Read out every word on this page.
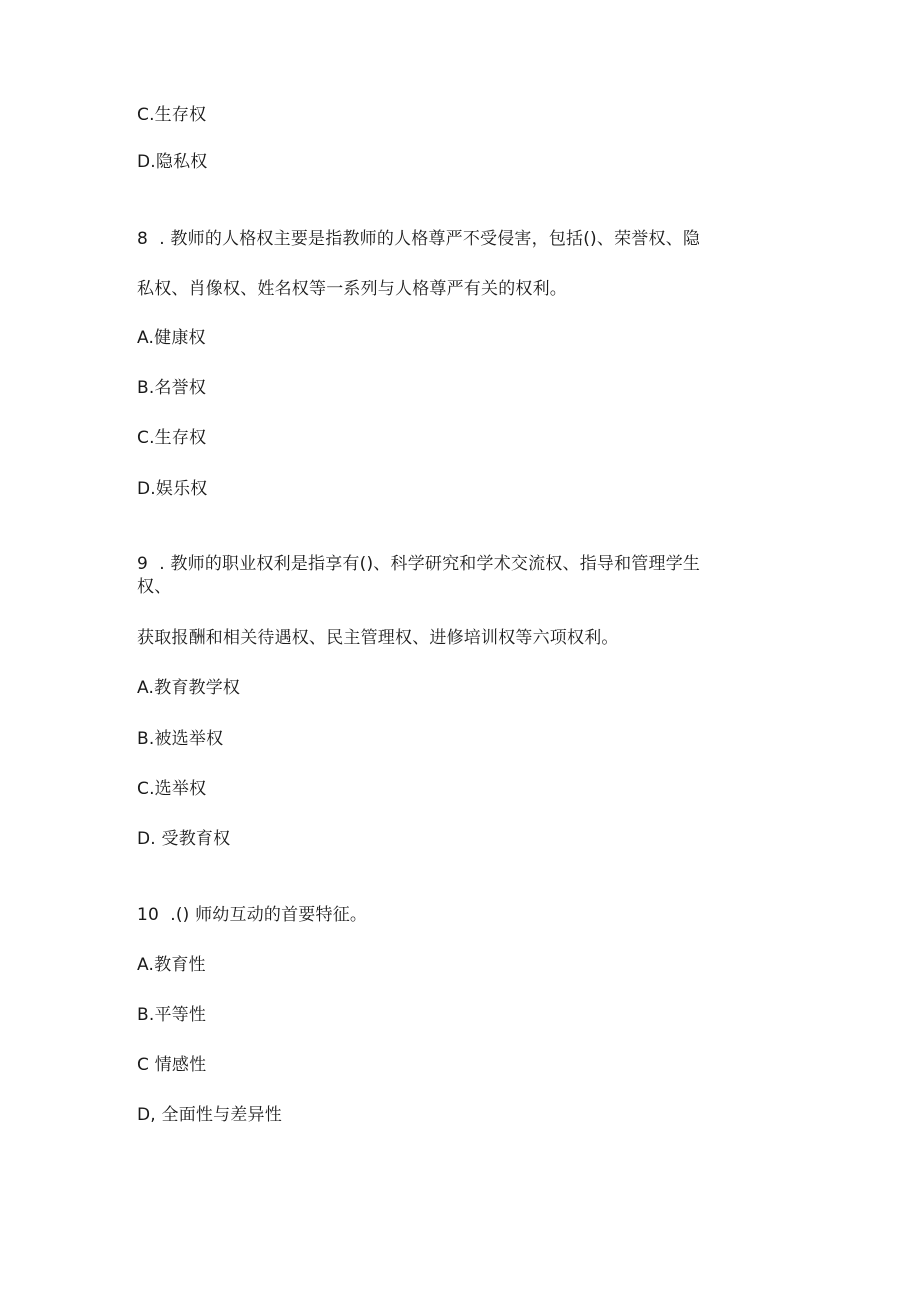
C.生存权
D.隐私权
8  . 教师的人格权主要是指教师的人格尊严不受侵害，包括()、荣誉权、隐
私权、肖像权、姓名权等一系列与人格尊严有关的权利。
A.健康权
B.名誉权
C.生存权
D.娱乐权
9  . 教师的职业权利是指享有()、科学研究和学术交流权、指导和管理学生
权、
获取报酬和相关待遇权、民主管理权、进修培训权等六项权利。
A.教育教学权
B.被选举权
C.选举权
D. 受教育权
10  .() 师幼互动的首要特征。
A.教育性
B.平等性
C 情感性
D, 全面性与差异性
